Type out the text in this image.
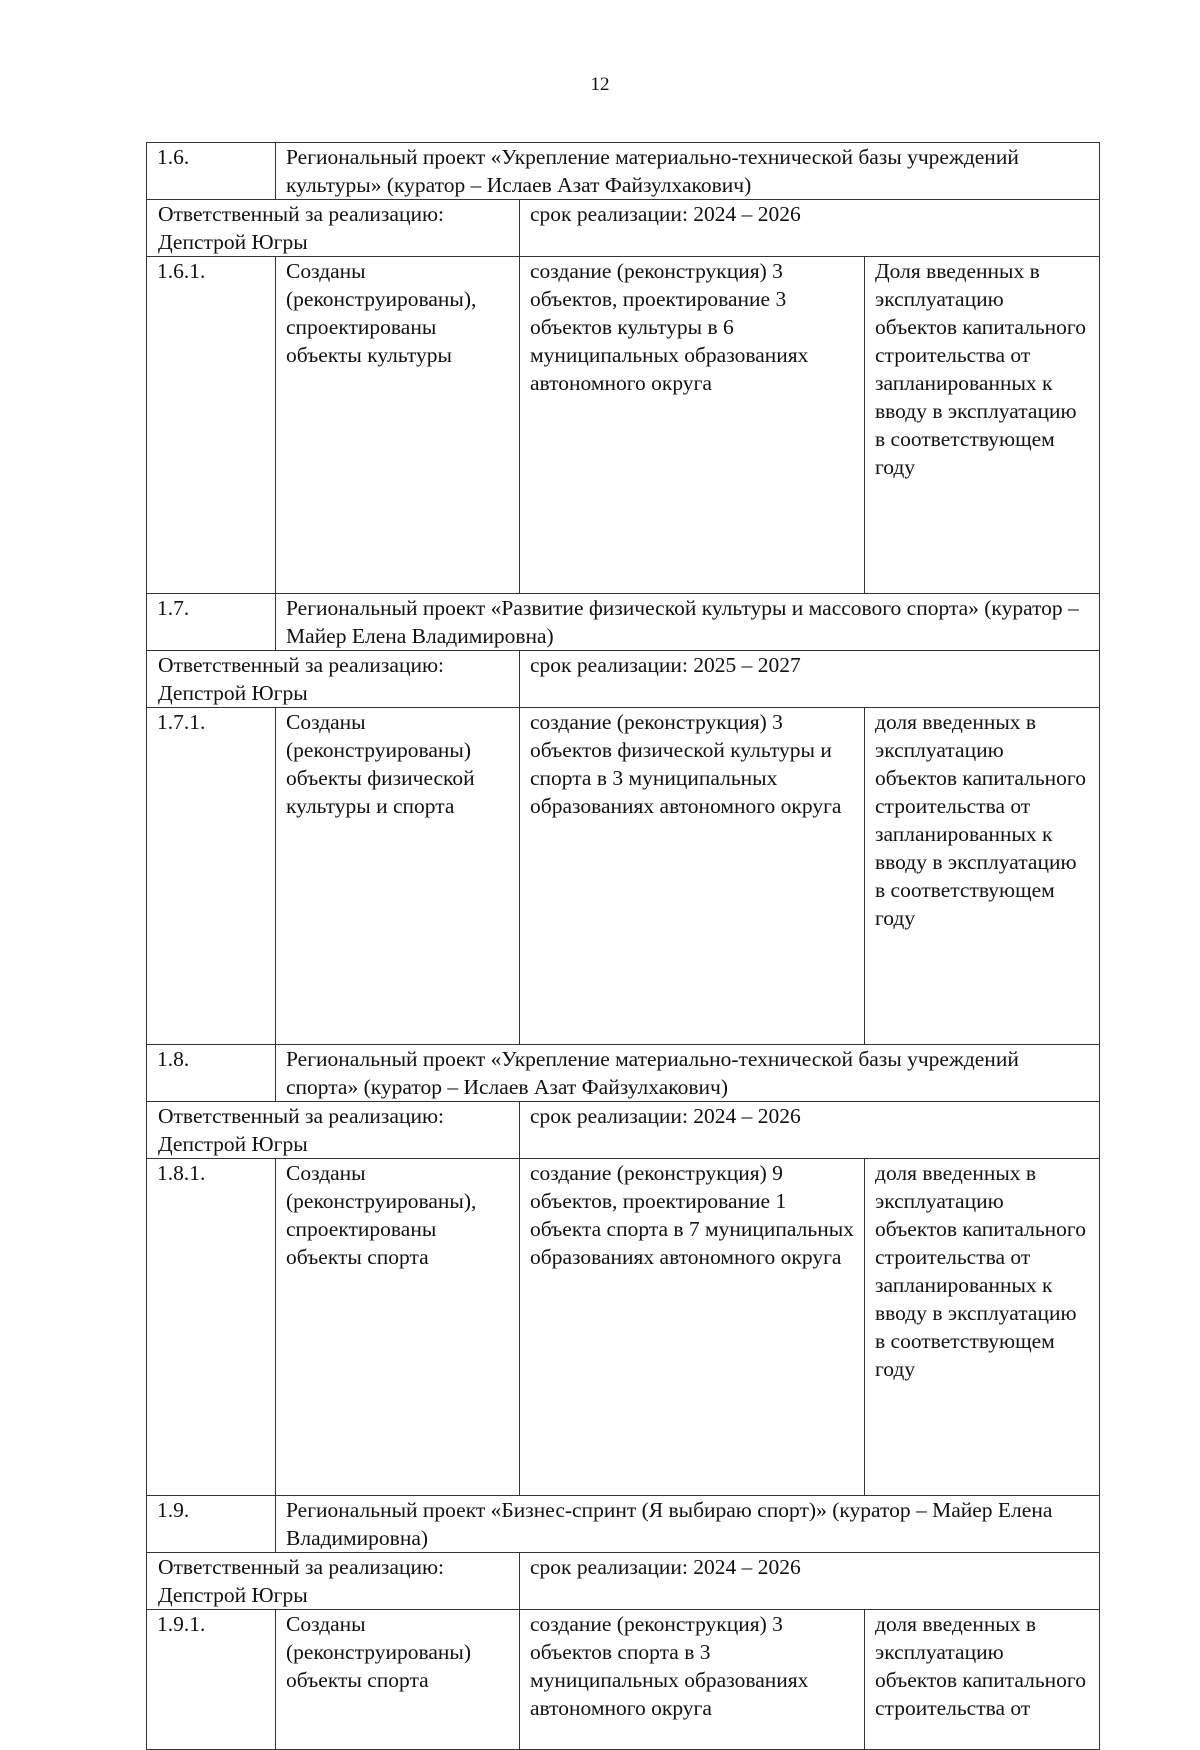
12
1.6.	Региональный проект «Укрепление материально-технической базы учреждений культуры» (куратор – Ислаев Азат Файзулхакович)		
Ответственный за реализацию: Депстрой Югры		срок реализации: 2024 – 2026	
1.6.1.	Созданы (реконструированы), спроектированы объекты культуры	создание (реконструкция) 3 объектов, проектирование 3 объектов культуры в 6 муниципальных образованиях автономного округа	Доля введенных в эксплуатацию объектов капитального строительства от запланированных к вводу в эксплуатацию в соответствующем году
1.7.	Региональный проект «Развитие физической культуры и массового спорта» (куратор – Майер Елена Владимировна)		
Ответственный за реализацию: Депстрой Югры		срок реализации: 2025 – 2027	
1.7.1.	Созданы (реконструированы) объекты физической культуры и спорта	создание (реконструкция) 3 объектов физической культуры и спорта в 3 муниципальных образованиях автономного округа	доля введенных в эксплуатацию объектов капитального строительства от запланированных к вводу в эксплуатацию в соответствующем году
1.8.	Региональный проект «Укрепление материально-технической базы учреждений спорта» (куратор – Ислаев Азат Файзулхакович)		
Ответственный за реализацию: Депстрой Югры		срок реализации: 2024 – 2026	
1.8.1.	Созданы (реконструированы), спроектированы объекты спорта	создание (реконструкция) 9 объектов, проектирование 1 объекта спорта в 7 муниципальных образованиях автономного округа	доля введенных в эксплуатацию объектов капитального строительства от запланированных к вводу в эксплуатацию в соответствующем году
1.9.	Региональный проект «Бизнес-спринт (Я выбираю спорт)» (куратор – Майер Елена Владимировна)		
Ответственный за реализацию: Депстрой Югры		срок реализации: 2024 – 2026	
1.9.1.	Созданы (реконструированы) объекты спорта	создание (реконструкция) 3 объектов спорта в 3 муниципальных образованиях автономного округа	доля введенных в эксплуатацию объектов капитального строительства от
